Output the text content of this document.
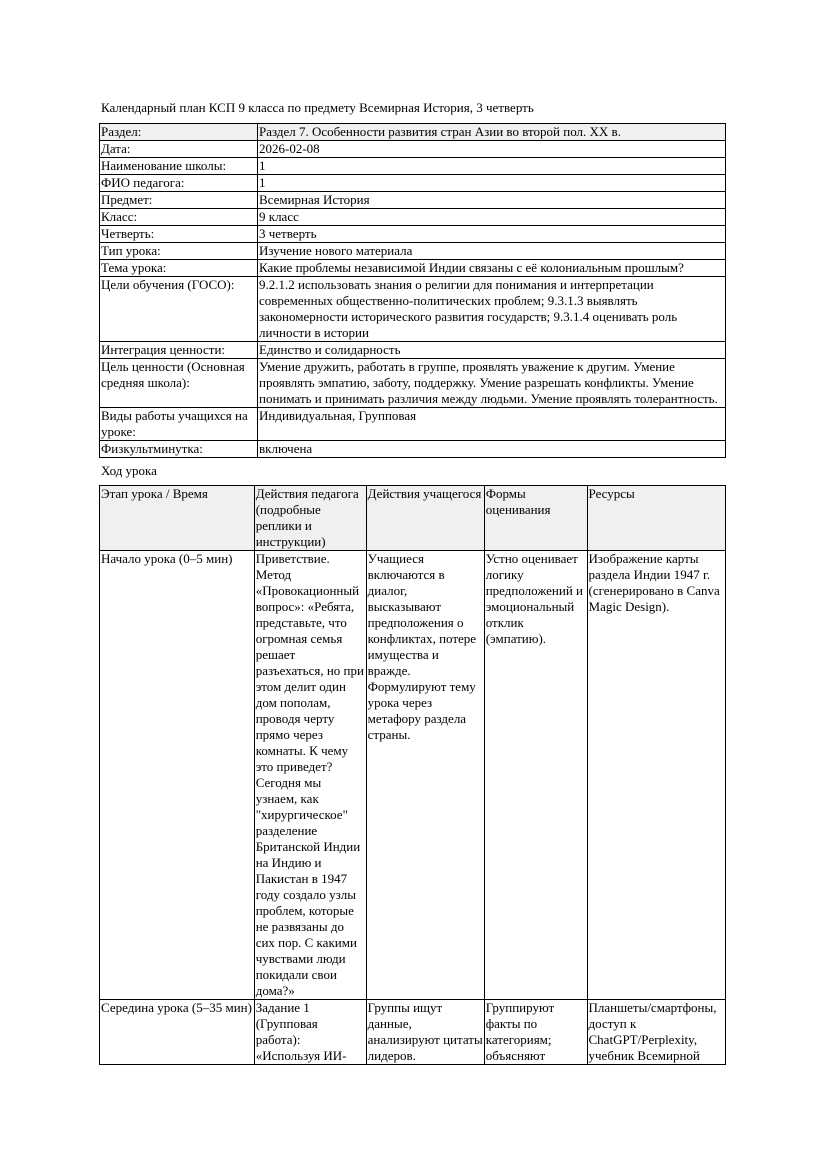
Календарный план КСП 9 класса по предмету Всемирная История, 3 четверть
Раздел:	Раздел 7. Особенности развития стран Азии во второй пол. XX в.
Дата:	2026-02-08
Наименование школы:	1
ФИО педагога:	1
Предмет:	Всемирная История
Класс:	9 класс
Четверть:	3 четверть
Тип урока:	Изучение нового материала
Тема урока:	Какие проблемы независимой Индии связаны с её колониальным прошлым?
Цели обучения (ГОСО):	9.2.1.2 использовать знания о религии для понимания и интерпретации современных общественно-политических проблем; 9.3.1.3 выявлять закономерности исторического развития государств; 9.3.1.4 оценивать роль личности в истории
Интеграция ценности:	Единство и солидарность
Цель ценности (Основная средняя школа):	Умение дружить, работать в группе, проявлять уважение к другим. Умение проявлять эмпатию, заботу, поддержку. Умение разрешать конфликты. Умение понимать и принимать различия между людьми. Умение проявлять толерантность.
Виды работы учащихся на уроке:	Индивидуальная, Групповая
Физкультминутка:	включена
Ход урока
Этап урока / Время	Действия педагога (подробные реплики и инструкции)	Действия учащегося	Формы оценивания	Ресурсы
Начало урока (0–5 мин)	Приветствие. Метод «Провокационный вопрос»: «Ребята, представьте, что огромная семья решает разъехаться, но при этом делит один дом пополам, проводя черту прямо через комнаты. К чему это приведет? Сегодня мы узнаем, как "хирургическое" разделение Британской Индии на Индию и Пакистан в 1947 году создало узлы проблем, которые не развязаны до сих пор. С какими чувствами люди покидали свои дома?»	Учащиеся включаются в диалог, высказывают предположения о конфликтах, потере имущества и вражде. Формулируют тему урока через метафору раздела страны.	Устно оценивает логику предположений и эмоциональный отклик (эмпатию).	Изображение карты раздела Индии 1947 г. (сгенерировано в Canva Magic Design).
Середина урока (5–35 мин)	Задание 1 (Групповая работа): «Используя ИИ-	Группы ищут данные, анализируют цитаты лидеров.	Группируют факты по категориям; объясняют	Планшеты/смартфоны, доступ к ChatGPT/Perplexity, учебник Всемирной
